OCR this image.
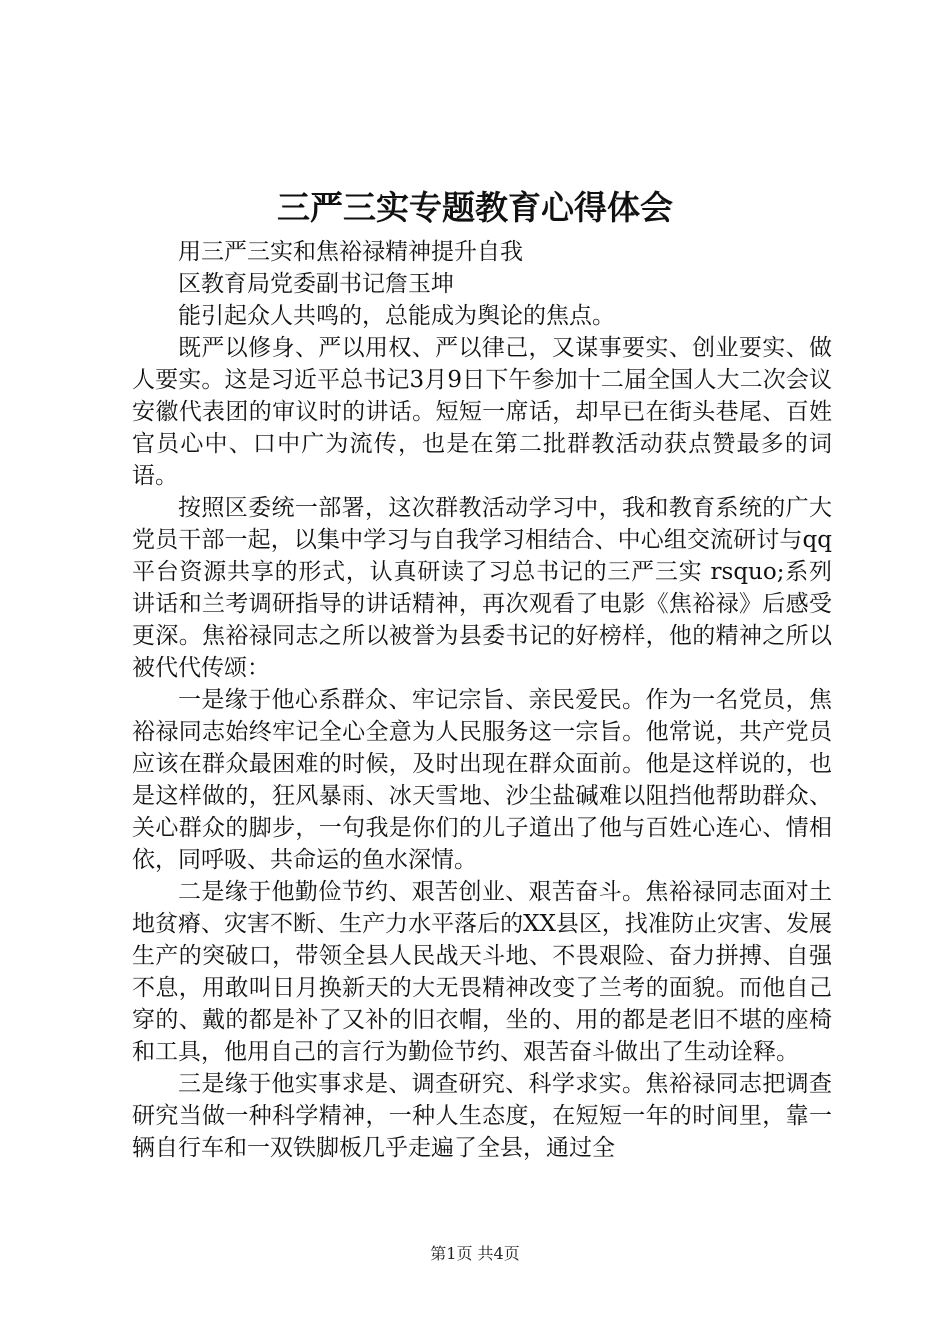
三严三实专题教育心得体会

用三严三实和焦裕禄精神提升自我

区教育局党委副书记詹玉坤

能引起众人共鸣的，总能成为舆论的焦点。

既严以修身、严以用权、严以律己，又谋事要实、创业要实、做人要实。这是习近平总书记3月9日下午参加十二届全国人大二次会议安徽代表团的审议时的讲话。短短一席话，却早已在街头巷尾、百姓官员心中、口中广为流传，也是在第二批群教活动获点赞最多的词语。

按照区委统一部署，这次群教活动学习中，我和教育系统的广大党员干部一起，以集中学习与自我学习相结合、中心组交流研讨与qq平台资源共享的形式，认真研读了习总书记的三严三实 rsquo;系列讲话和兰考调研指导的讲话精神，再次观看了电影《焦裕禄》后感受更深。焦裕禄同志之所以被誉为县委书记的好榜样，他的精神之所以被代代传颂：

一是缘于他心系群众、牢记宗旨、亲民爱民。作为一名党员，焦裕禄同志始终牢记全心全意为人民服务这一宗旨。他常说，共产党员应该在群众最困难的时候，及时出现在群众面前。他是这样说的，也是这样做的，狂风暴雨、冰天雪地、沙尘盐碱难以阻挡他帮助群众、关心群众的脚步，一句我是你们的儿子道出了他与百姓心连心、情相依，同呼吸、共命运的鱼水深情。

二是缘于他勤俭节约、艰苦创业、艰苦奋斗。焦裕禄同志面对土地贫瘠、灾害不断、生产力水平落后的XX县区，找准防止灾害、发展生产的突破口，带领全县人民战天斗地、不畏艰险、奋力拼搏、自强不息，用敢叫日月换新天的大无畏精神改变了兰考的面貌。而他自己穿的、戴的都是补了又补的旧衣帽，坐的、用的都是老旧不堪的座椅和工具，他用自己的言行为勤俭节约、艰苦奋斗做出了生动诠释。

三是缘于他实事求是、调查研究、科学求实。焦裕禄同志把调查研究当做一种科学精神，一种人生态度，在短短一年的时间里，靠一辆自行车和一双铁脚板几乎走遍了全县，通过全

第1页 共4页
